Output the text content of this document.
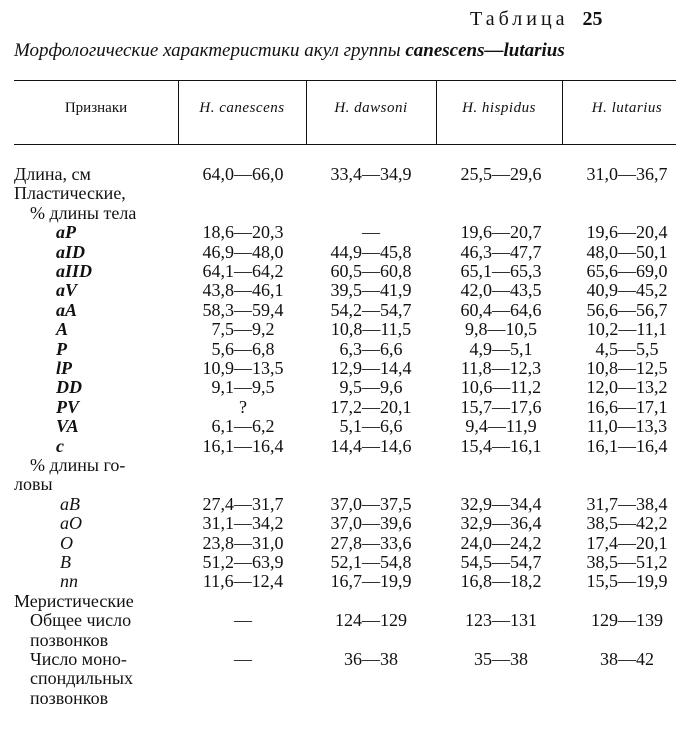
Таблица 25
Морфологические характеристики акул группы canescens—lutarius
Признаки	H. canescens	H. dawsoni	H. hispidus	H. lutarius
Длина, см	64,0—66,0	33,4—34,9	25,5—29,6	31,0—36,7
Пластические,
% длины тела
aP	18,6—20,3	—	19,6—20,7	19,6—20,4
aID	46,9—48,0	44,9—45,8	46,3—47,7	48,0—50,1
aIID	64,1—64,2	60,5—60,8	65,1—65,3	65,6—69,0
aV	43,8—46,1	39,5—41,9	42,0—43,5	40,9—45,2
aA	58,3—59,4	54,2—54,7	60,4—64,6	56,6—56,7
A	7,5—9,2	10,8—11,5	9,8—10,5	10,2—11,1
P	5,6—6,8	6,3—6,6	4,9—5,1	4,5—5,5
lP	10,9—13,5	12,9—14,4	11,8—12,3	10,8—12,5
DD	9,1—9,5	9,5—9,6	10,6—11,2	12,0—13,2
PV	?	17,2—20,1	15,7—17,6	16,6—17,1
VA	6,1—6,2	5,1—6,6	9,4—11,9	11,0—13,3
c	16,1—16,4	14,4—14,6	15,4—16,1	16,1—16,4
% длины го-
ловы
aB	27,4—31,7	37,0—37,5	32,9—34,4	31,7—38,4
aO	31,1—34,2	37,0—39,6	32,9—36,4	38,5—42,2
O	23,8—31,0	27,8—33,6	24,0—24,2	17,4—20,1
B	51,2—63,9	52,1—54,8	54,5—54,7	38,5—51,2
nn	11,6—12,4	16,7—19,9	16,8—18,2	15,5—19,9
Меристические
Общее число	—	124—129	123—131	129—139
позвонков
Число моно-	—	36—38	35—38	38—42
спондильных
позвонков
